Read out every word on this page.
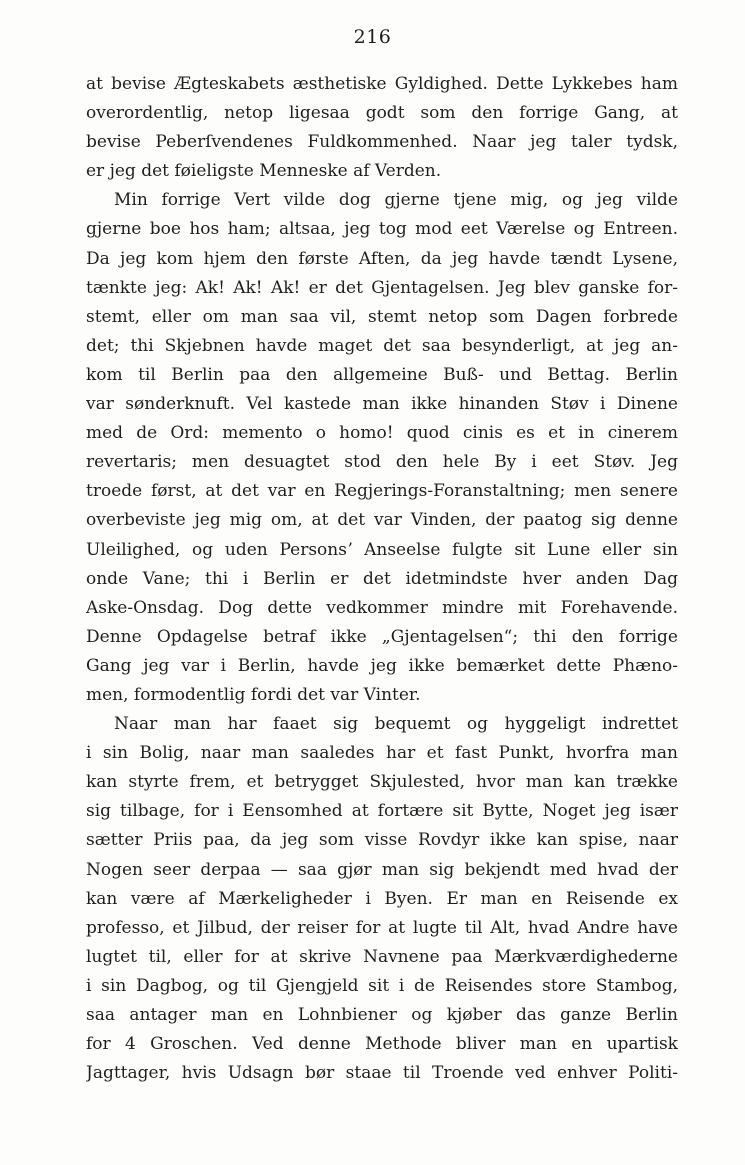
216
at bevise Ægteskabets æsthetiske Gyldighed. Dette Lykkebes ham
overordentlig, netop ligesaa godt som den forrige Gang, at
bevise Peberſvendenes Fuldkommenhed. Naar jeg taler tydsk,
er jeg det føieligste Menneske af Verden.
Min forrige Vert vilde dog gjerne tjene mig, og jeg vilde
gjerne boe hos ham; altsaa, jeg tog mod eet Værelse og Entreen.
Da jeg kom hjem den første Aften, da jeg havde tændt Lysene,
tænkte jeg: Ak! Ak! Ak! er det Gjentagelsen. Jeg blev ganske for-
stemt, eller om man saa vil, stemt netop som Dagen forbrede
det; thi Skjebnen havde maget det saa besynderligt, at jeg an-
kom til Berlin paa den allgemeine Buß- und Bettag. Berlin
var sønderknuft. Vel kastede man ikke hinanden Støv i Dinene
med de Ord: memento o homo! quod cinis es et in cinerem
revertaris; men desuagtet stod den hele By i eet Støv. Jeg
troede først, at det var en Regjerings-Foranstaltning; men senere
overbeviste jeg mig om, at det var Vinden, der paatog sig denne
Uleilighed, og uden Personsʼ Anseelse fulgte sit Lune eller sin
onde Vane; thi i Berlin er det idetmindste hver anden Dag
Aske-Onsdag. Dog dette vedkommer mindre mit Forehavende.
Denne Opdagelse betraf ikke „Gjentagelsen“; thi den forrige
Gang jeg var i Berlin, havde jeg ikke bemærket dette Phæno-
men, formodentlig fordi det var Vinter.
Naar man har faaet sig bequemt og hyggeligt indrettet
i sin Bolig, naar man saaledes har et fast Punkt, hvorfra man
kan styrte frem, et betrygget Skjulested, hvor man kan trække
sig tilbage, for i Eensomhed at fortære sit Bytte, Noget jeg især
sætter Priis paa, da jeg som visse Rovdyr ikke kan spise, naar
Nogen seer derpaa — saa gjør man sig bekjendt med hvad der
kan være af Mærkeligheder i Byen. Er man en Reisende ex
professo, et Jilbud, der reiser for at lugte til Alt, hvad Andre have
lugtet til, eller for at skrive Navnene paa Mærkværdighederne
i sin Dagbog, og til Gjengjeld sit i de Reisendes store Stambog,
saa antager man en Lohnbiener og kjøber das ganze Berlin
for 4 Groschen. Ved denne Methode bliver man en upartisk
Jagttager, hvis Udsagn bør staae til Troende ved enhver Politi-
